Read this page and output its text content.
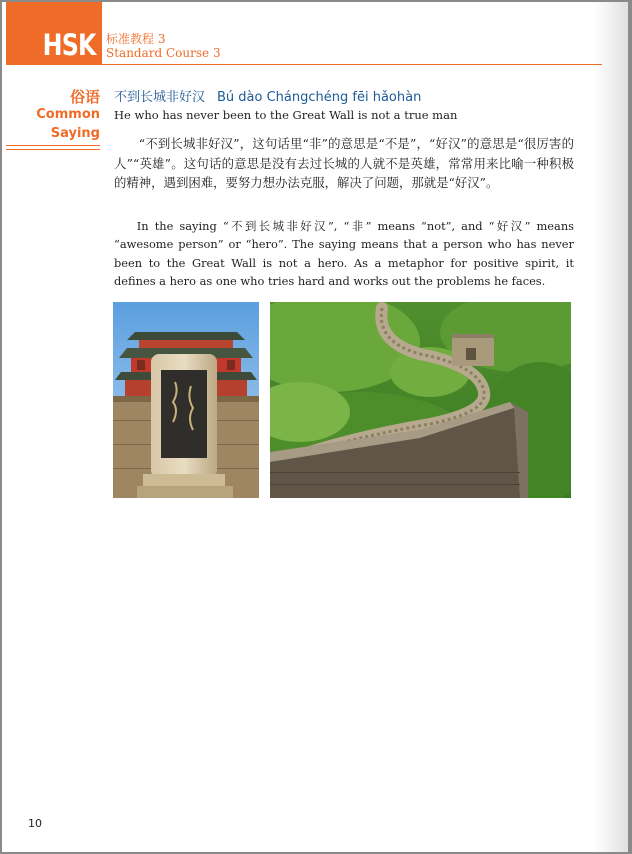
HSK 标准教程 3
Standard Course 3
俗语
Common
Saying
不到长城非好汉 Bú dào Chángchéng fēi hǎohàn
He who has never been to the Great Wall is not a true man

“不到长城非好汉”，这句话里“非”的意思是“不是”，“好汉”的意思是“很厉害的人”“英雄”。这句话的意思是没有去过长城的人就不是英雄，常常用来比喻一种积极的精神，遇到困难，要努力想办法克服，解决了问题，那就是“好汉”。

In the saying “不到长城非好汉”, “非” means “not”, and “好汉” means “awesome person” or “hero”. The saying means that a person who has never been to the Great Wall is not a hero. As a metaphor for positive spirit, it defines a hero as one who tries hard and works out the problems he faces.

10
